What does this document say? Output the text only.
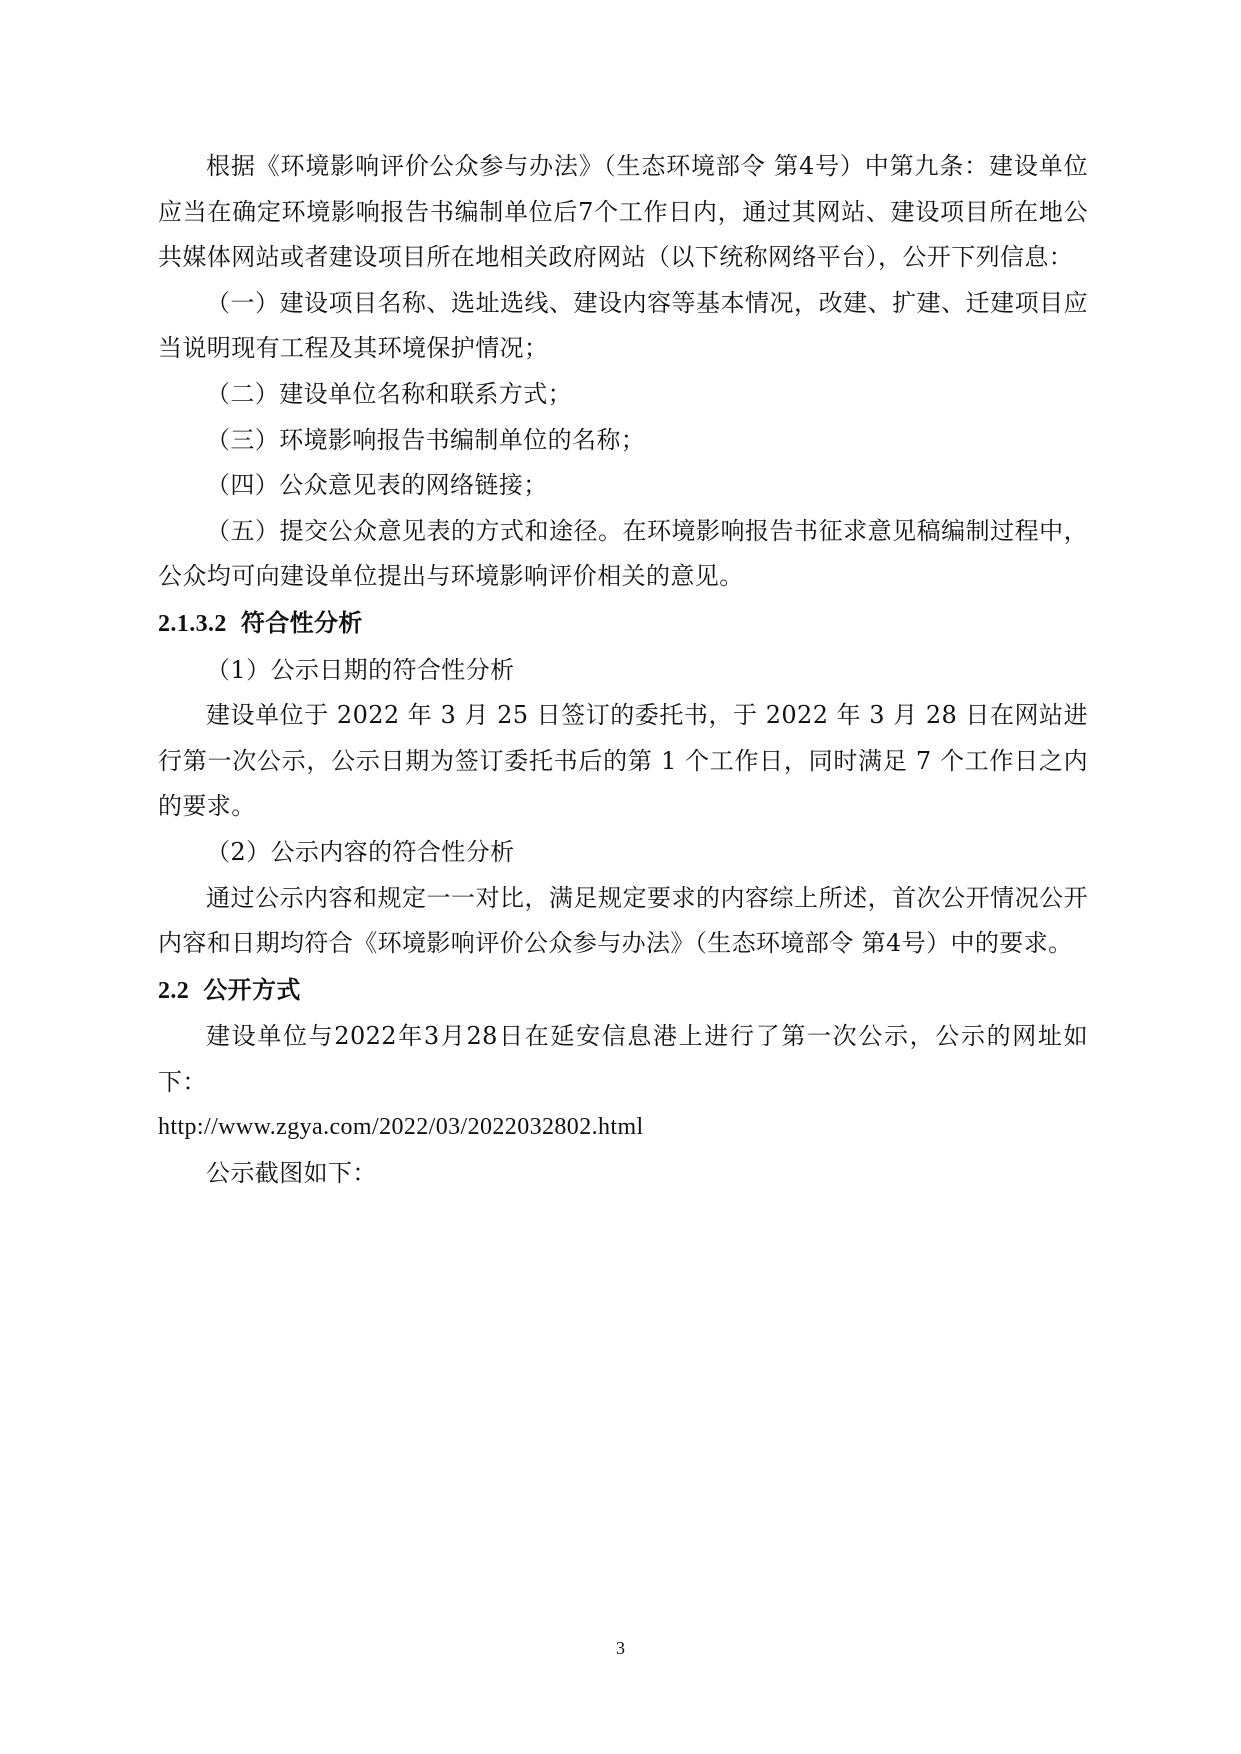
根据《环境影响评价公众参与办法》（生态环境部令 第4号）中第九条：建设单位应当在确定环境影响报告书编制单位后7个工作日内，通过其网站、建设项目所在地公共媒体网站或者建设项目所在地相关政府网站（以下统称网络平台），公开下列信息：

（一）建设项目名称、选址选线、建设内容等基本情况，改建、扩建、迁建项目应当说明现有工程及其环境保护情况；

（二）建设单位名称和联系方式；

（三）环境影响报告书编制单位的名称；

（四）公众意见表的网络链接；

（五）提交公众意见表的方式和途径。在环境影响报告书征求意见稿编制过程中，公众均可向建设单位提出与环境影响评价相关的意见。

2.1.3.2 符合性分析

（1）公示日期的符合性分析

建设单位于 2022 年 3 月 25 日签订的委托书，于 2022 年 3 月 28 日在网站进行第一次公示，公示日期为签订委托书后的第 1 个工作日，同时满足 7 个工作日之内的要求。

（2）公示内容的符合性分析

通过公示内容和规定一一对比，满足规定要求的内容综上所述，首次公开情况公开内容和日期均符合《环境影响评价公众参与办法》（生态环境部令 第4号）中的要求。

2.2 公开方式

建设单位与2022年3月28日在延安信息港上进行了第一次公示，公示的网址如下：

http://www.zgya.com/2022/03/2022032802.html

公示截图如下：

3
